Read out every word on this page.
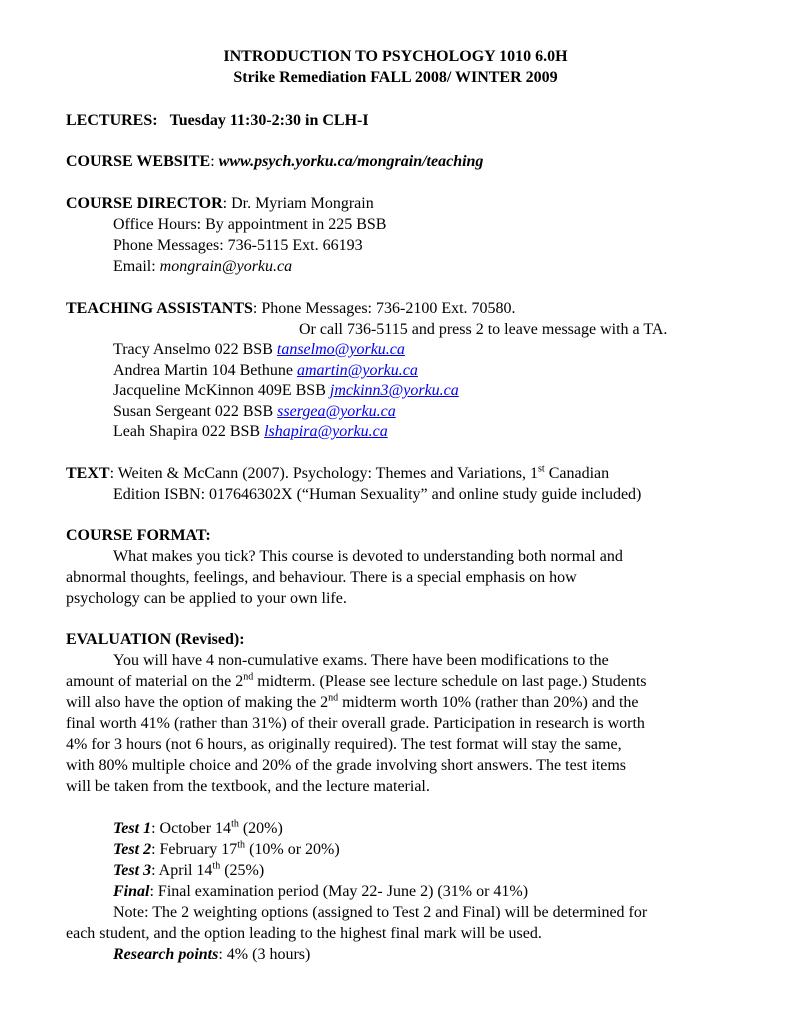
INTRODUCTION TO PSYCHOLOGY 1010 6.0H
Strike Remediation FALL 2008/ WINTER 2009
LECTURES: Tuesday 11:30-2:30 in CLH-I
COURSE WEBSITE: www.psych.yorku.ca/mongrain/teaching
COURSE DIRECTOR: Dr. Myriam Mongrain
Office Hours: By appointment in 225 BSB
Phone Messages: 736-5115 Ext. 66193
Email: mongrain@yorku.ca
TEACHING ASSISTANTS: Phone Messages: 736-2100 Ext. 70580.
Or call 736-5115 and press 2 to leave message with a TA.
Tracy Anselmo 022 BSB tanselmo@yorku.ca
Andrea Martin 104 Bethune amartin@yorku.ca
Jacqueline McKinnon 409E BSB jmckinn3@yorku.ca
Susan Sergeant 022 BSB ssergea@yorku.ca
Leah Shapira 022 BSB lshapira@yorku.ca
TEXT: Weiten & McCann (2007). Psychology: Themes and Variations, 1st Canadian
Edition ISBN: 017646302X (“Human Sexuality” and online study guide included)
COURSE FORMAT:
What makes you tick? This course is devoted to understanding both normal and
abnormal thoughts, feelings, and behaviour. There is a special emphasis on how
psychology can be applied to your own life.
EVALUATION (Revised):
You will have 4 non-cumulative exams. There have been modifications to the
amount of material on the 2nd midterm. (Please see lecture schedule on last page.) Students
will also have the option of making the 2nd midterm worth 10% (rather than 20%) and the
final worth 41% (rather than 31%) of their overall grade. Participation in research is worth
4% for 3 hours (not 6 hours, as originally required). The test format will stay the same,
with 80% multiple choice and 20% of the grade involving short answers. The test items
will be taken from the textbook, and the lecture material.
Test 1: October 14th (20%)
Test 2: February 17th (10% or 20%)
Test 3: April 14th (25%)
Final: Final examination period (May 22- June 2) (31% or 41%)
Note: The 2 weighting options (assigned to Test 2 and Final) will be determined for
each student, and the option leading to the highest final mark will be used.
Research points: 4% (3 hours)
